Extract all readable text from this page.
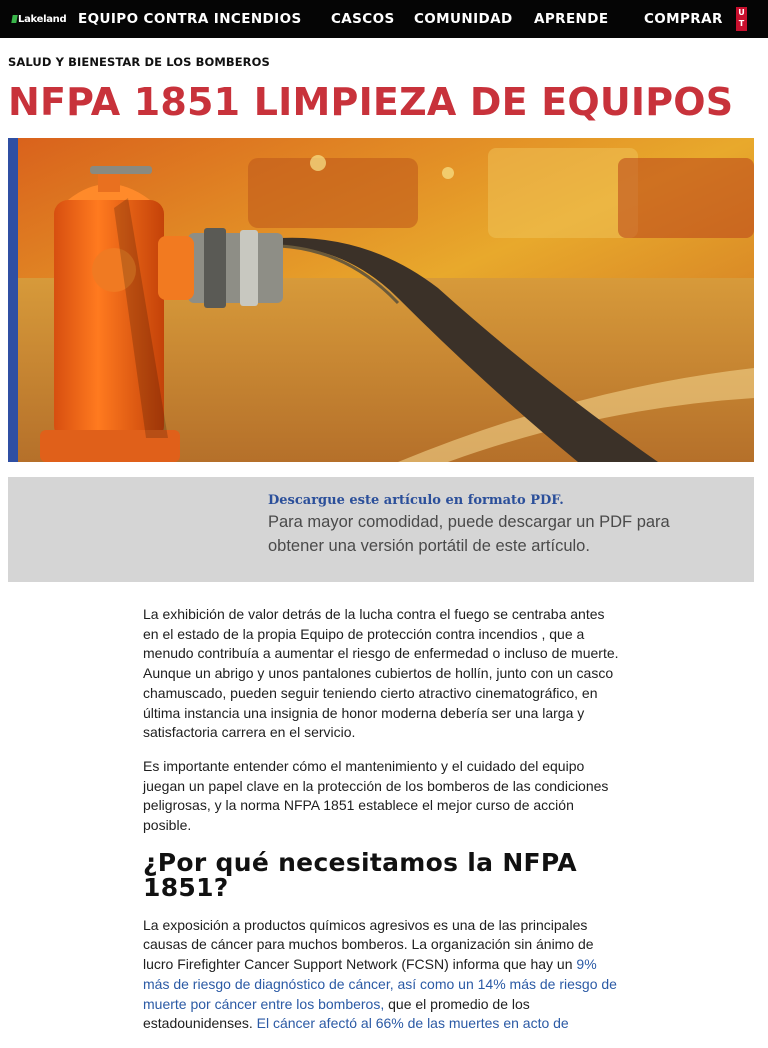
Lakeland EQUIPO CONTRA INCENDIOS CASCOS COMUNIDAD APRENDE	COMPRAR U T
SALUD Y BIENESTAR DE LOS BOMBEROS
NFPA 1851 LIMPIEZA DE EQUIPOS
Descargue este artículo en formato PDF.
Para mayor comodidad, puede descargar un PDF para obtener una versión portátil de este artículo.

La exhibición de valor detrás de la lucha contra el fuego se centraba antes en el estado de la propia Equipo de protección contra incendios , que a menudo contribuía a aumentar el riesgo de enfermedad o incluso de muerte. Aunque un abrigo y unos pantalones cubiertos de hollín, junto con un casco chamuscado, pueden seguir teniendo cierto atractivo cinematográfico, en última instancia una insignia de honor moderna debería ser una larga y satisfactoria carrera en el servicio.

Es importante entender cómo el mantenimiento y el cuidado del equipo juegan un papel clave en la protección de los bomberos de las condiciones peligrosas, y la norma NFPA 1851 establece el mejor curso de acción posible.

¿Por qué necesitamos la NFPA 1851?

La exposición a productos químicos agresivos es una de las principales causas de cáncer para muchos bomberos. La organización sin ánimo de lucro Firefighter Cancer Support Network (FCSN) informa que hay un 9% más de riesgo de diagnóstico de cáncer, así como un 14% más de riesgo de muerte por cáncer entre los bomberos, que el promedio de los estadounidenses. El cáncer afectó al 66% de las muertes en acto de
